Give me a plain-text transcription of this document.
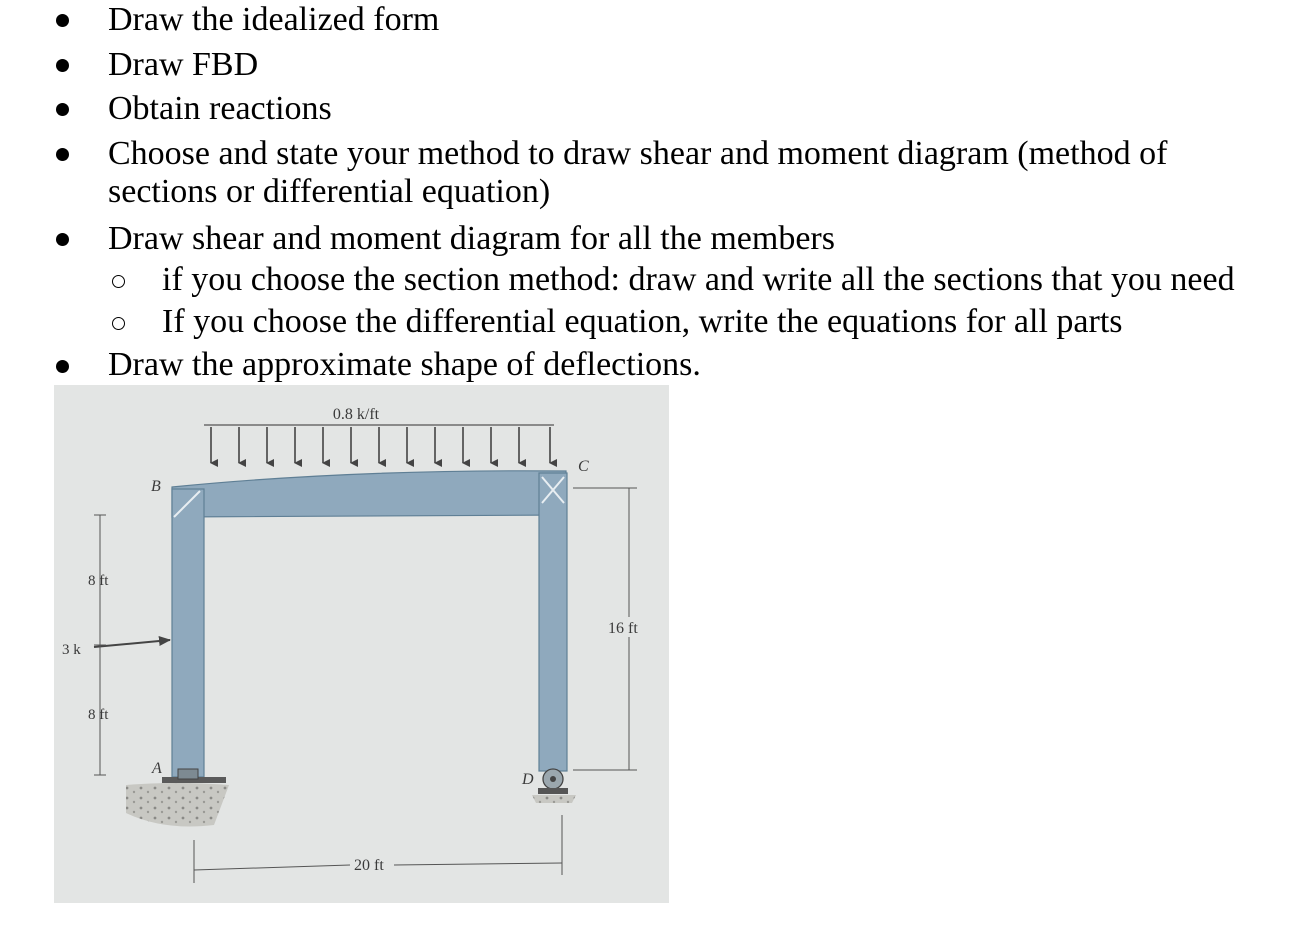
Draw the idealized form
Draw FBD
Obtain reactions
Choose and state your method to draw shear and moment diagram (method of
sections or differential equation)
Draw shear and moment diagram for all the members
if you choose the section method: draw and write all the sections that you need
If you choose the differential equation, write the equations for all parts
Draw the approximate shape of deflections.
0.8 k/ft
3 k
8 ft
8 ft
16 ft
20 ft
B
C
A
D
